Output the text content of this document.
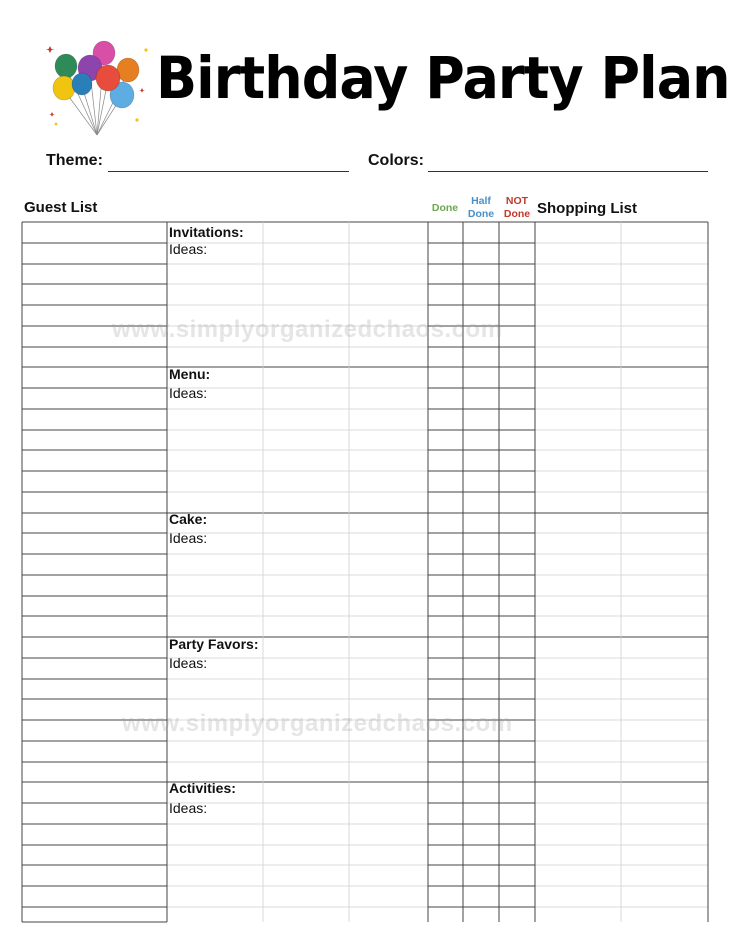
Birthday Party Plan
Theme:	Colors:
Guest List	Done
Half
Done
NOT
Done Shopping List
Invitations:
Ideas:
Menu:
Ideas:
Cake:
Ideas:
Party Favors:
Ideas:
Activities:
Ideas:
www.simplyorganizedchaos.com
www.simplyorganizedchaos.com
